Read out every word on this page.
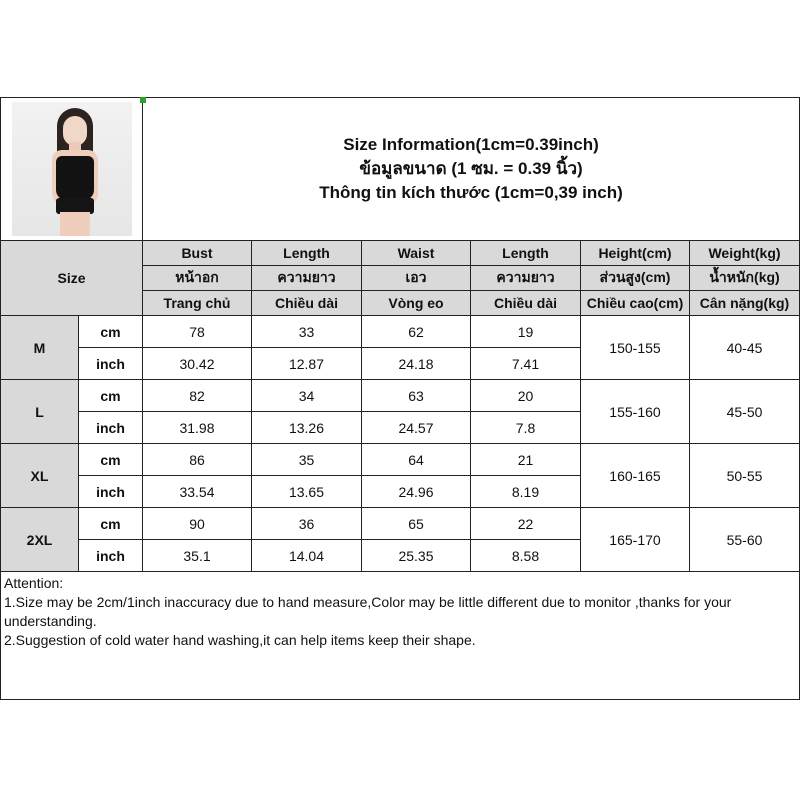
		Size Information(1cm=0.39inch)
ข้อมูลขนาด (1 ซม. = 0.39 นิ้ว)
Thông tin kích thước (1cm=0,39 inch)					

Size		Bust	Length	Waist	Length	Height(cm)	Weight(kg)
		หน้าอก	ความยาว	เอว	ความยาว	ส่วนสูง(cm)	น้ำหนัก(kg)
		Trang chủ	Chiều dài	Vòng eo	Chiều dài	Chiều cao(cm)	Cân nặng(kg)
M	cm	78	33	62	19	150-155	40-45
	inch	30.42	12.87	24.18	7.41		
L	cm	82	34	63	20	155-160	45-50
	inch	31.98	13.26	24.57	7.8		
XL	cm	86	35	64	21	160-165	50-55
	inch	33.54	13.65	24.96	8.19		
2XL	cm	90	36	65	22	165-170	55-60
	inch	35.1	14.04	25.35	8.58		
Attention:
1.Size may be 2cm/1inch inaccuracy due to hand measure,Color may be little different due to monitor ,thanks for your understanding.
2.Suggestion of cold water hand washing,it can help items keep their shape.
